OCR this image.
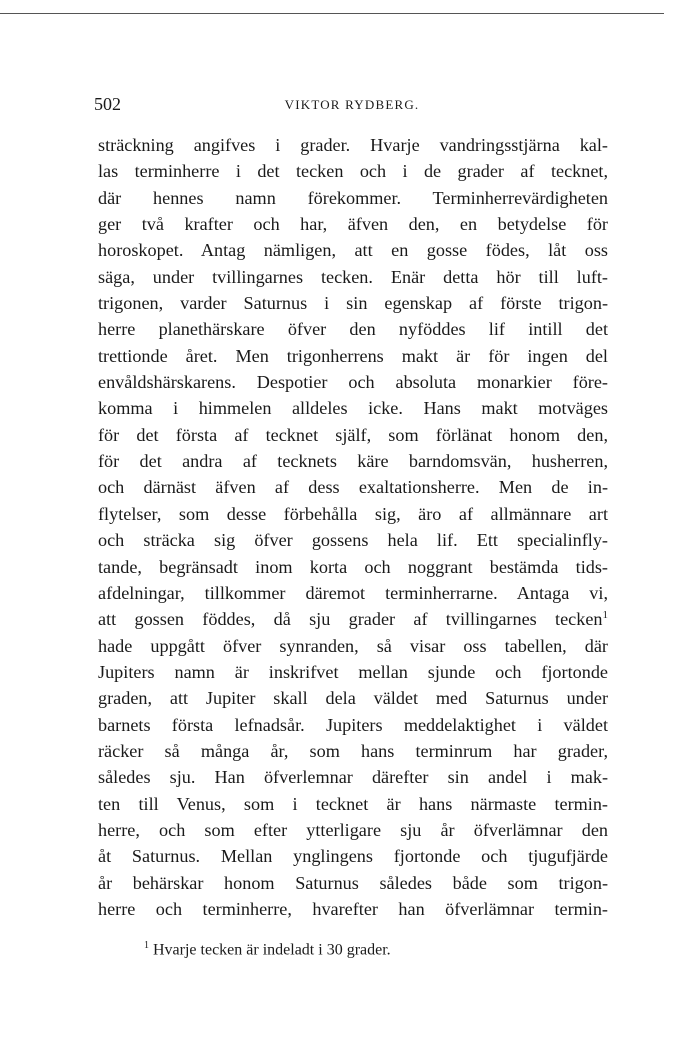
502	VIKTOR RYDBERG.
sträckning angifves i grader. Hvarje vandringsstjärna kal-
las terminherre i det tecken och i de grader af tecknet,
där hennes namn förekommer. Terminherrevärdigheten
ger två krafter och har, äfven den, en betydelse för
horoskopet. Antag nämligen, att en gosse födes, låt oss
säga, under tvillingarnes tecken. Enär detta hör till luft-
trigonen, varder Saturnus i sin egenskap af förste trigon-
herre planethärskare öfver den nyföddes lif intill det
trettionde året. Men trigonherrens makt är för ingen del
envåldshärskarens. Despotier och absoluta monarkier före-
komma i himmelen alldeles icke. Hans makt motväges
för det första af tecknet själf, som förlänat honom den,
för det andra af tecknets käre barndomsvän, husherren,
och därnäst äfven af dess exaltationsherre. Men de in-
flytelser, som desse förbehålla sig, äro af allmännare art
och sträcka sig öfver gossens hela lif. Ett specialinfly-
tande, begränsadt inom korta och noggrant bestämda tids-
afdelningar, tillkommer däremot terminherrarne. Antaga vi,
att gossen föddes, då sju grader af tvillingarnes tecken$^1$
hade uppgått öfver synranden, så visar oss tabellen, där
Jupiters namn är inskrifvet mellan sjunde och fjortonde
graden, att Jupiter skall dela väldet med Saturnus under
barnets första lefnadsår. Jupiters meddelaktighet i väldet
räcker så många år, som hans terminrum har grader,
således sju. Han öfverlemnar därefter sin andel i mak-
ten till Venus, som i tecknet är hans närmaste termin-
herre, och som efter ytterligare sju år öfverlämnar den
åt Saturnus. Mellan ynglingens fjortonde och tjugufjärde
år behärskar honom Saturnus således både som trigon-
herre och terminherre, hvarefter han öfverlämnar termin-
$^1$ Hvarje tecken är indeladt i 30 grader.
